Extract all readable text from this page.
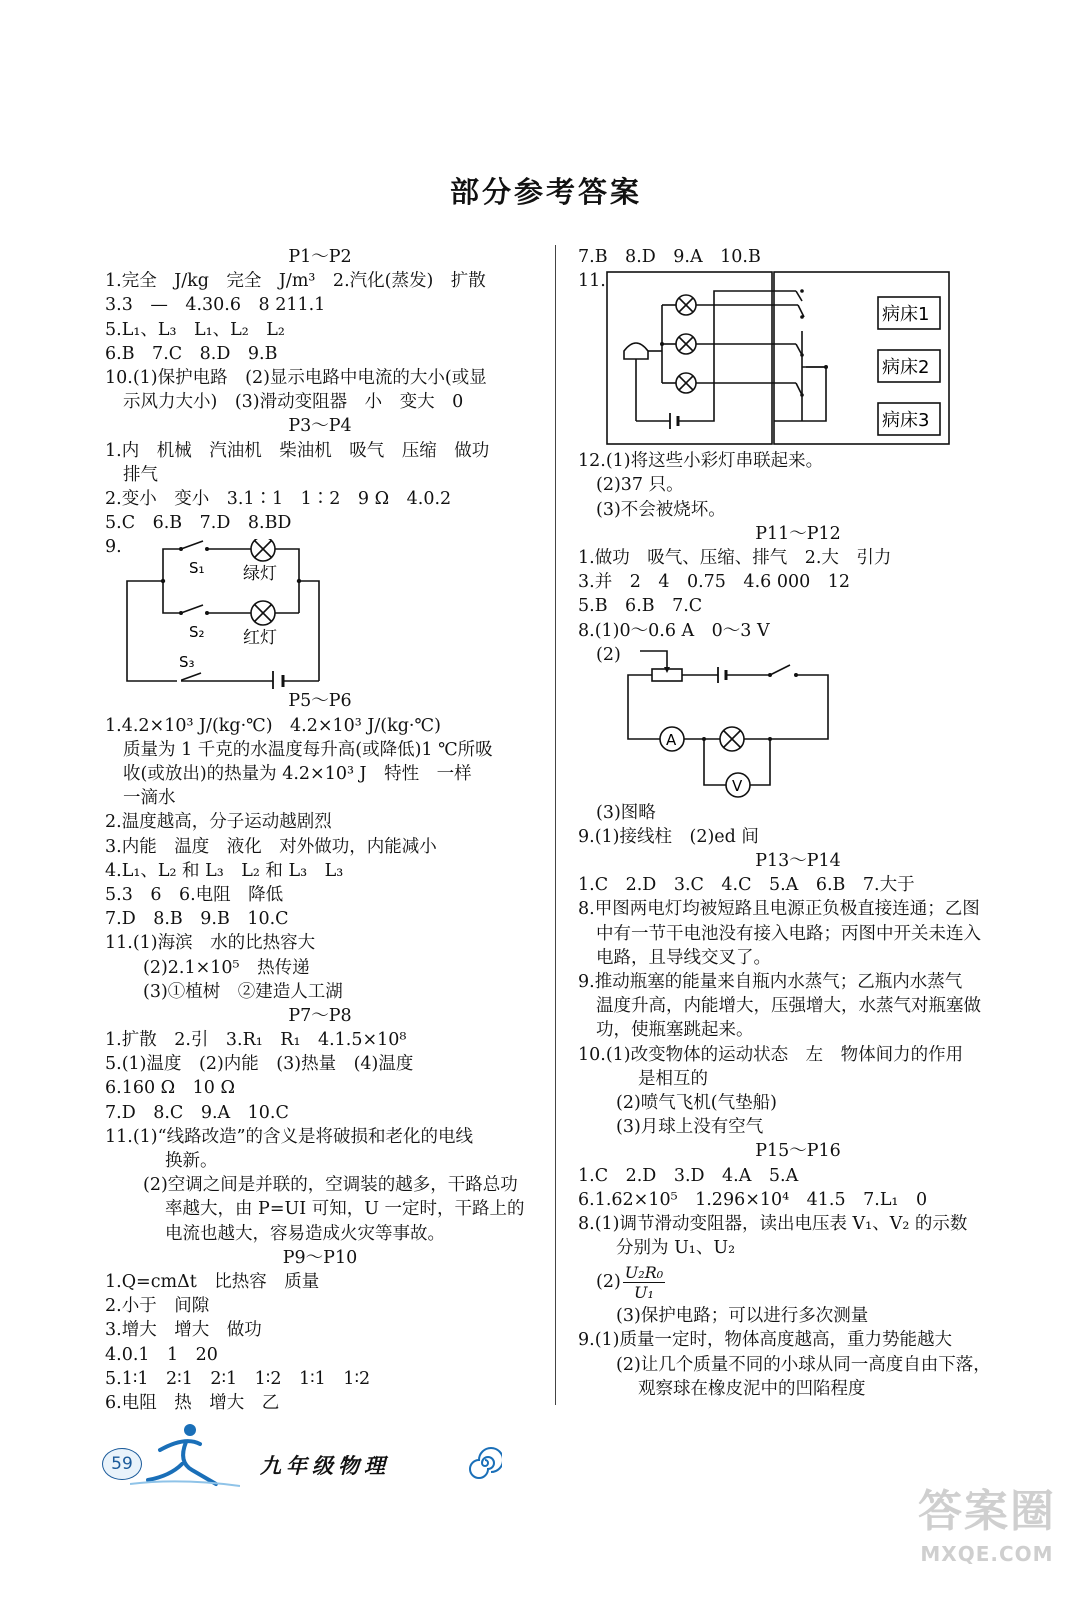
部分参考答案
P1～P2
1.完全　J/kg　完全　J/m³　2.汽化(蒸发)　扩散
3.3　—　4.30.6　8 211.1
5.L₁、L₃　L₁、L₂　L₂
6.B　7.C　8.D　9.B
10.(1)保护电路　(2)显示电路中电流的大小(或显
示风力大小)　(3)滑动变阻器　小　变大　0
P3～P4
1.内　机械　汽油机　柴油机　吸气　压缩　做功
排气
2.变小　变小　3.1∶1　1∶2　9 Ω　4.0.2
5.C　6.B　7.D　8.BD
9.
S₁ 绿灯
S₂ 红灯
S₃
P5～P6
1.4.2×10³ J/(kg·℃)　4.2×10³ J/(kg·℃)
质量为 1 千克的水温度每升高(或降低)1 ℃所吸
收(或放出)的热量为 4.2×10³ J　特性　一样
一滴水
2.温度越高，分子运动越剧烈
3.内能　温度　液化　对外做功，内能减小
4.L₁、L₂ 和 L₃　L₂ 和 L₃　L₃
5.3　6　6.电阻　降低
7.D　8.B　9.B　10.C
11.(1)海滨　水的比热容大
(2)2.1×10⁵　热传递
(3)①植树　②建造人工湖
P7～P8
1.扩散　2.引　3.R₁　R₁　4.1.5×10⁸
5.(1)温度　(2)内能　(3)热量　(4)温度
6.160 Ω　10 Ω
7.D　8.C　9.A　10.C
11.(1)“线路改造”的含义是将破损和老化的电线
换新。
(2)空调之间是并联的，空调装的越多，干路总功
率越大，由 P=UI 可知，U 一定时，干路上的
电流也越大，容易造成火灾等事故。
P9～P10
1.Q=cmΔt　比热容　质量
2.小于　间隙
3.增大　增大　做功
4.0.1　1　20
5.1∶1　2∶1　2∶1　1∶2　1∶1　1∶2
6.电阻　热　增大　乙
7.B　8.D　9.A　10.B
11.
病床1
病床2
病床3
12.(1)将这些小彩灯串联起来。
(2)37 只。
(3)不会被烧坏。
P11～P12
1.做功　吸气、压缩、排气　2.大　引力
3.并　2　4　0.75　4.6 000　12
5.B　6.B　7.C
8.(1)0～0.6 A　0～3 V
(2)
A
V
(3)图略
9.(1)接线柱　(2)ed 间
P13～P14
1.C　2.D　3.C　4.C　5.A　6.B　7.大于
8.甲图两电灯均被短路且电源正负极直接连通；乙图
中有一节干电池没有接入电路；丙图中开关未连入
电路，且导线交叉了。
9.推动瓶塞的能量来自瓶内水蒸气；乙瓶内水蒸气
温度升高，内能增大，压强增大，水蒸气对瓶塞做
功，使瓶塞跳起来。
10.(1)改变物体的运动状态　左　物体间力的作用
是相互的
(2)喷气飞机(气垫船)
(3)月球上没有空气
P15～P16
1.C　2.D　3.D　4.A　5.A
6.1.62×10⁵　1.296×10⁴　41.5　7.L₁　0
8.(1)调节滑动变阻器，读出电压表 V₁、V₂ 的示数
分别为 U₁、U₂
$(2) \frac{\text{U₂R₀}}{\text{U₁}}$
(3)保护电路；可以进行多次测量
9.(1)质量一定时，物体高度越高，重力势能越大
(2)让几个质量不同的小球从同一高度自由下落，
观察球在橡皮泥中的凹陷程度
59	九年级物理
答案圈
MXQE.COM
